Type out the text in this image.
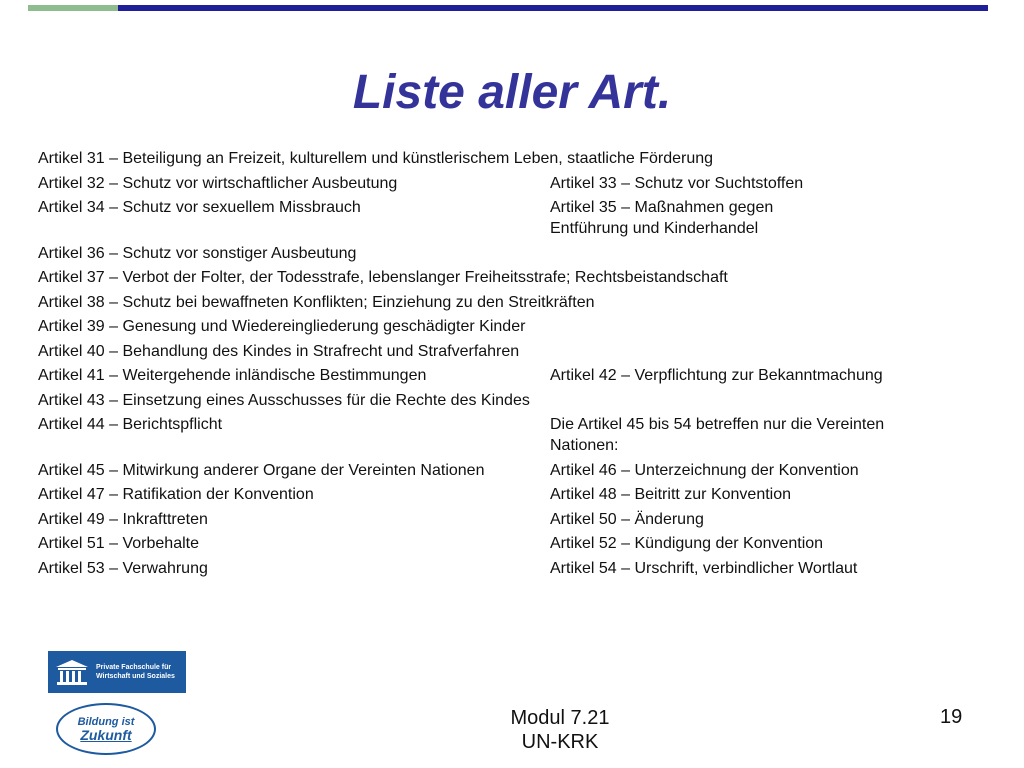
Liste aller Art.
Artikel 31 – Beteiligung an Freizeit, kulturellem und künstlerischem Leben, staatliche Förderung
Artikel 32 – Schutz vor wirtschaftlicher Ausbeutung	Artikel 33 – Schutz vor Suchtstoffen
Artikel 34 – Schutz vor sexuellem Missbrauch	Artikel 35 – Maßnahmen gegen Entführung und Kinderhandel
Artikel 36 – Schutz vor sonstiger Ausbeutung
Artikel 37 – Verbot der Folter, der Todesstrafe, lebenslanger Freiheitsstrafe; Rechtsbeistandschaft
Artikel 38 – Schutz bei bewaffneten Konflikten; Einziehung zu den Streitkräften
Artikel 39 – Genesung und Wiedereingliederung geschädigter Kinder
Artikel 40 – Behandlung des Kindes in Strafrecht und Strafverfahren
Artikel 41 – Weitergehende inländische Bestimmungen	Artikel 42 – Verpflichtung zur Bekanntmachung
Artikel 43 – Einsetzung eines Ausschusses für die Rechte des Kindes
Artikel 44 – Berichtspflicht	Die Artikel 45 bis 54 betreffen nur die Vereinten Nationen:
Artikel 45 – Mitwirkung anderer Organe der Vereinten Nationen	Artikel 46 – Unterzeichnung der Konvention
Artikel 47 – Ratifikation der Konvention	Artikel 48 – Beitritt zur Konvention
Artikel 49 – Inkrafttreten	Artikel 50 – Änderung
Artikel 51 – Vorbehalte	Artikel 52 – Kündigung der Konvention
Artikel 53 – Verwahrung	Artikel 54 – Urschrift, verbindlicher Wortlaut
Private Fachschule für
Wirtschaft und Soziales
Bildung ist
Zukunft
Modul 7.21
UN-KRK
19
